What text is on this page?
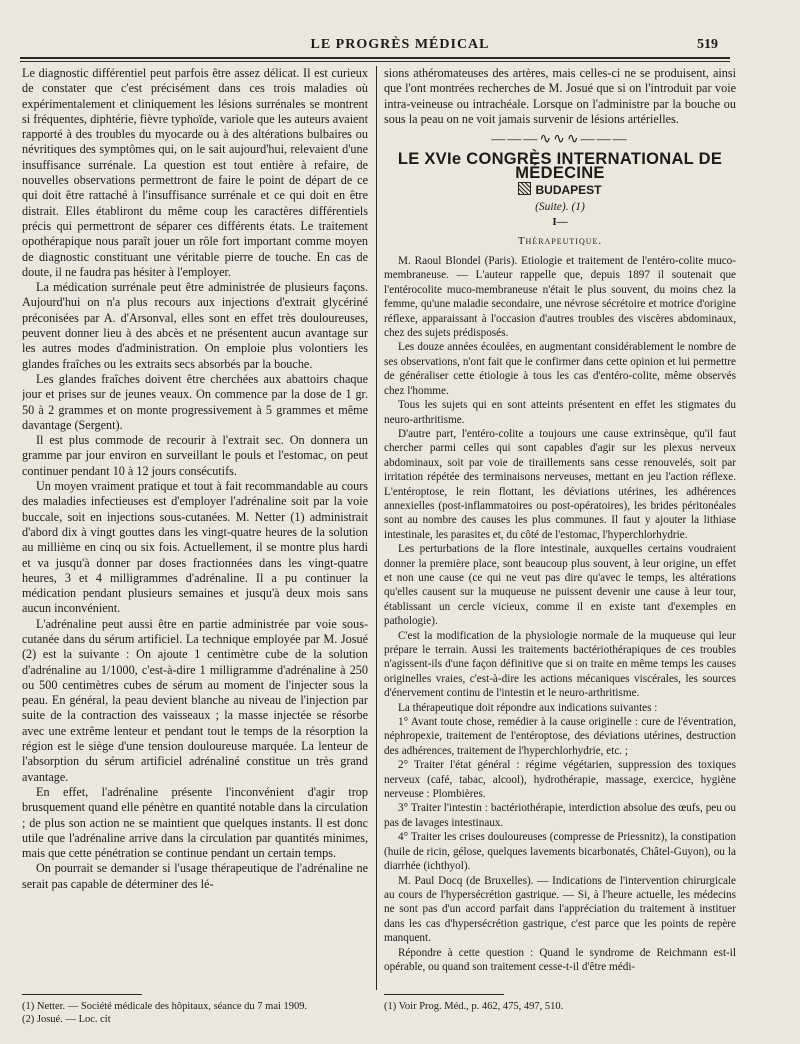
LE PROGRÈS MÉDICAL	519

Le diagnostic différentiel peut parfois être assez délicat. Il est curieux de constater que c'est précisément dans ces trois maladies où expérimentalement et cliniquement les lésions surrénales se montrent si fréquentes, diphtérie, fièvre typhoïde, variole que les auteurs avaient rapporté à des troubles du myocarde ou à des altérations bulbaires ou névritiques des symptômes qui, on le sait aujourd'hui, relevaient d'une insuffisance surrénale. La question est tout entière à refaire, de nouvelles observations permettront de faire le point de départ de ce qui doit être rattaché à l'insuffisance surrénale et ce qui doit en être distrait. Elles établiront du même coup les caractères différentiels précis qui permettront de séparer ces différents états. Le traitement opothérapique nous paraît jouer un rôle fort important comme moyen de diagnostic constituant une véritable pierre de touche. En cas de doute, il ne faudra pas hésiter à l'employer.

La médication surrénale peut être administrée de plusieurs façons. Aujourd'hui on n'a plus recours aux injections d'extrait glycériné préconisées par A. d'Arsonval, elles sont en effet très douloureuses, peuvent donner lieu à des abcès et ne présentent aucun avantage sur les autres modes d'administration. On emploie plus volontiers les glandes fraîches ou les extraits secs absorbés par la bouche.

Les glandes fraîches doivent être cherchées aux abattoirs chaque jour et prises sur de jeunes veaux. On commence par la dose de 1 gr. 50 à 2 grammes et on monte progressivement à 5 grammes et même davantage (Sergent).

Il est plus commode de recourir à l'extrait sec. On donnera un gramme par jour environ en surveillant le pouls et l'estomac, on peut continuer pendant 10 à 12 jours consécutifs.

Un moyen vraiment pratique et tout à fait recommandable au cours des maladies infectieuses est d'employer l'adrénaline soit par la voie buccale, soit en injections sous-cutanées. M. Netter (1) administrait d'abord dix à vingt gouttes dans les vingt-quatre heures de la solution au millième en cinq ou six fois. Actuellement, il se montre plus hardi et va jusqu'à donner par doses fractionnées dans les vingt-quatre heures, 3 et 4 milligrammes d'adrénaline. Il a pu continuer la médication pendant plusieurs semaines et jusqu'à deux mois sans aucun inconvénient.

L'adrénaline peut aussi être en partie administrée par voie sous-cutanée dans du sérum artificiel. La technique employée par M. Josué (2) est la suivante : On ajoute 1 centimètre cube de la solution d'adrénaline au 1/1000, c'est-à-dire 1 milligramme d'adrénaline à 250 ou 500 centimètres cubes de sérum au moment de l'injecter sous la peau. En général, la peau devient blanche au niveau de l'injection par suite de la contraction des vaisseaux ; la masse injectée se résorbe avec une extrême lenteur et pendant tout le temps de la résorption la région est le siège d'une tension douloureuse marquée. La lenteur de l'absorption du sérum artificiel adrénaliné constitue un très grand avantage.

En effet, l'adrénaline présente l'inconvénient d'agir trop brusquement quand elle pénètre en quantité notable dans la circulation ; de plus son action ne se maintient que quelques instants. Il est donc utile que l'adrénaline arrive dans la circulation par quantités minimes, mais que cette pénétration se continue pendant un certain temps.

On pourrait se demander si l'usage thérapeutique de l'adrénaline ne serait pas capable de déterminer des lé-

sions athéromateuses des artères, mais celles-ci ne se produisent, ainsi que l'ont montrées recherches de M. Josué que si on l'introduit par voie intra-veineuse ou intrachéale. Lorsque on l'administre par la bouche ou sous la peau on ne voit jamais survenir de lésions artérielles.

———∿∿∿———
LE XVIe CONGRÈS INTERNATIONAL DE MÉDECINE
BUDAPEST
(Suite). (1)
I—
Thérapeutique.

M. Raoul Blondel (Paris). Etiologie et traitement de l'entéro-colite muco-membraneuse. — L'auteur rappelle que, depuis 1897 il soutenait que l'entérocolite muco-membraneuse n'était le plus souvent, du moins chez la femme, qu'une maladie secondaire, une névrose sécrétoire et motrice d'origine réflexe, apparaissant à l'occasion d'autres troubles des viscères abdominaux, chez des sujets prédisposés.

Les douze années écoulées, en augmentant considérablement le nombre de ses observations, n'ont fait que le confirmer dans cette opinion et lui permettre de généraliser cette étiologie à tous les cas d'entéro-colite, même observés chez l'homme.

Tous les sujets qui en sont atteints présentent en effet les stigmates du neuro-arthritisme.

D'autre part, l'entéro-colite a toujours une cause extrinsèque, qu'il faut chercher parmi celles qui sont capables d'agir sur les plexus nerveux abdominaux, soit par voie de tiraillements sans cesse renouvelés, soit par irritation répétée des terminaisons nerveuses, mettant en jeu l'action réflexe. L'entéroptose, le rein flottant, les déviations utérines, les adhérences annexielles (post-inflammatoires ou post-opératoires), les brides péritonéales sont au nombre des causes les plus communes. Il faut y ajouter la lithiase intestinale, les parasites et, du côté de l'estomac, l'hyperchlorhydrie.

Les perturbations de la flore intestinale, auxquelles certains voudraient donner la première place, sont beaucoup plus souvent, à leur origine, un effet et non une cause (ce qui ne veut pas dire qu'avec le temps, les altérations qu'elles causent sur la muqueuse ne puissent devenir une cause à leur tour, établissant un cercle vicieux, comme il en existe tant d'exemples en pathologie).

C'est la modification de la physiologie normale de la muqueuse qui leur prépare le terrain. Aussi les traitements bactériothérapiques de ces troubles n'agissent-ils d'une façon définitive que si on traite en même temps les causes originelles vraies, c'est-à-dire les actions mécaniques viscérales, les sources d'énervement continu de l'intestin et le neuro-arthritisme.

La thérapeutique doit répondre aux indications suivantes :

1° Avant toute chose, remédier à la cause originelle : cure de l'éventration, néphropexie, traitement de l'entéroptose, des déviations utérines, destruction des adhérences, traitement de l'hyperchlorhydrie, etc. ;

2° Traiter l'état général : régime végétarien, suppression des toxiques nerveux (café, tabac, alcool), hydrothérapie, massage, exercice, hygiène nerveuse : Plombières.

3° Traiter l'intestin : bactériothérapie, interdiction absolue des œufs, peu ou pas de lavages intestinaux.

4° Traiter les crises douloureuses (compresse de Priessnitz), la constipation (huile de ricin, gélose, quelques lavements bicarbonatés, Châtel-Guyon), ou la diarrhée (ichthyol).

M. Paul Docq (de Bruxelles). — Indications de l'intervention chirurgicale au cours de l'hypersécrétion gastrique. — Si, à l'heure actuelle, les médecins ne sont pas d'un accord parfait dans l'appréciation du traitement à instituer dans les cas d'hypersécrétion gastrique, c'est parce que les points de repère manquent.

Répondre à cette question : Quand le syndrome de Reichmann est-il opérable, ou quand son traitement cesse-t-il d'être médi-

(1) Netter. — Société médicale des hôpitaux, séance du 7 mai 1909.
(2) Josué. — Loc. cit
(1) Voir Prog. Méd., p. 462, 475, 497, 510.
